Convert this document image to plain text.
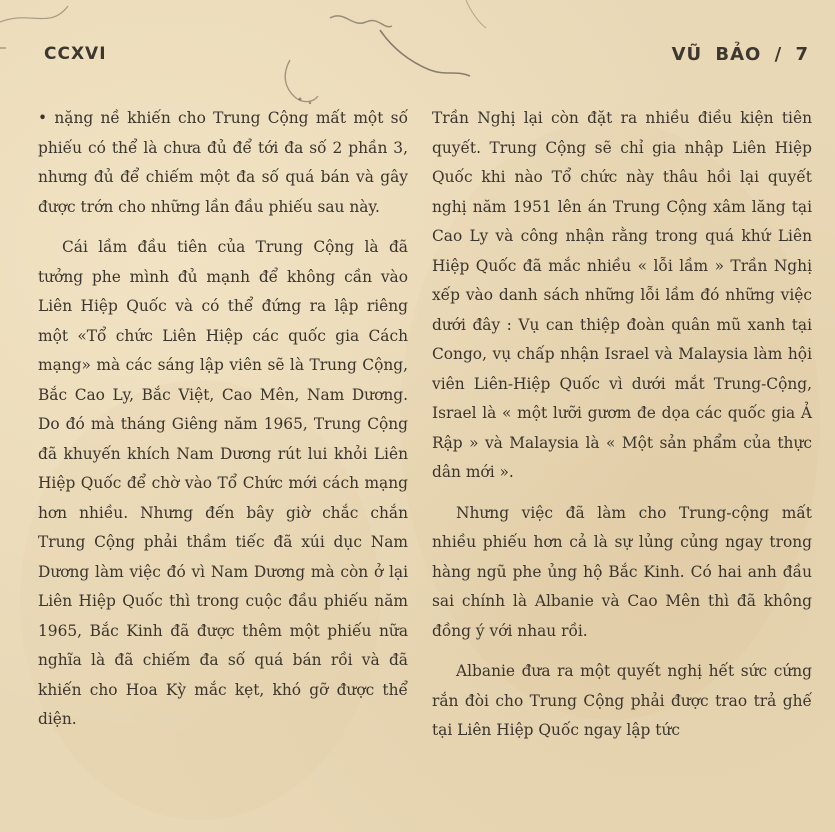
CCXVI	VŨ BẢO / 7

• nặng nề khiến cho Trung Cộng mất một số phiếu có thể là chưa đủ để tới đa số 2 phần 3, nhưng đủ để chiếm một đa số quá bán và gây được trớn cho những lần đầu phiếu sau này.

Cái lầm đầu tiên của Trung Cộng là đã tưởng phe mình đủ mạnh để không cần vào Liên Hiệp Quốc và có thể đứng ra lập riêng một «Tổ chức Liên Hiệp các quốc gia Cách mạng» mà các sáng lập viên sẽ là Trung Cộng, Bắc Cao Ly, Bắc Việt, Cao Mên, Nam Dương. Do đó mà tháng Giêng năm 1965, Trung Cộng đã khuyến khích Nam Dương rút lui khỏi Liên Hiệp Quốc để chờ vào Tổ Chức mới cách mạng hơn nhiều. Nhưng đến bây giờ chắc chắn Trung Cộng phải thầm tiếc đã xúi dục Nam Dương làm việc đó vì Nam Dương mà còn ở lại Liên Hiệp Quốc thì trong cuộc đầu phiếu năm 1965, Bắc Kinh đã được thêm một phiếu nữa nghĩa là đã chiếm đa số quá bán rồi và đã khiến cho Hoa Kỳ mắc kẹt, khó gỡ được thể diện.

Trần Nghị lại còn đặt ra nhiều điều kiện tiên quyết. Trung Cộng sẽ chỉ gia nhập Liên Hiệp Quốc khi nào Tổ chức này thâu hồi lại quyết nghị năm 1951 lên án Trung Cộng xâm lăng tại Cao Ly và công nhận rằng trong quá khứ Liên Hiệp Quốc đã mắc nhiều « lỗi lầm » Trần Nghị xếp vào danh sách những lỗi lầm đó những việc dưới đây : Vụ can thiệp đoàn quân mũ xanh tại Congo, vụ chấp nhận Israel và Malaysia làm hội viên Liên-Hiệp Quốc vì dưới mắt Trung-Cộng, Israel là « một lưỡi gươm đe dọa các quốc gia Ả Rập » và Malaysia là « Một sản phẩm của thực dân mới ».

Nhưng việc đã làm cho Trung-cộng mất nhiều phiếu hơn cả là sự lủng củng ngay trong hàng ngũ phe ủng hộ Bắc Kinh. Có hai anh đầu sai chính là Albanie và Cao Mên thì đã không đồng ý với nhau rồi.

Albanie đưa ra một quyết nghị hết sức cứng rắn đòi cho Trung Cộng phải được trao trả ghế tại Liên Hiệp Quốc ngay lập tức
